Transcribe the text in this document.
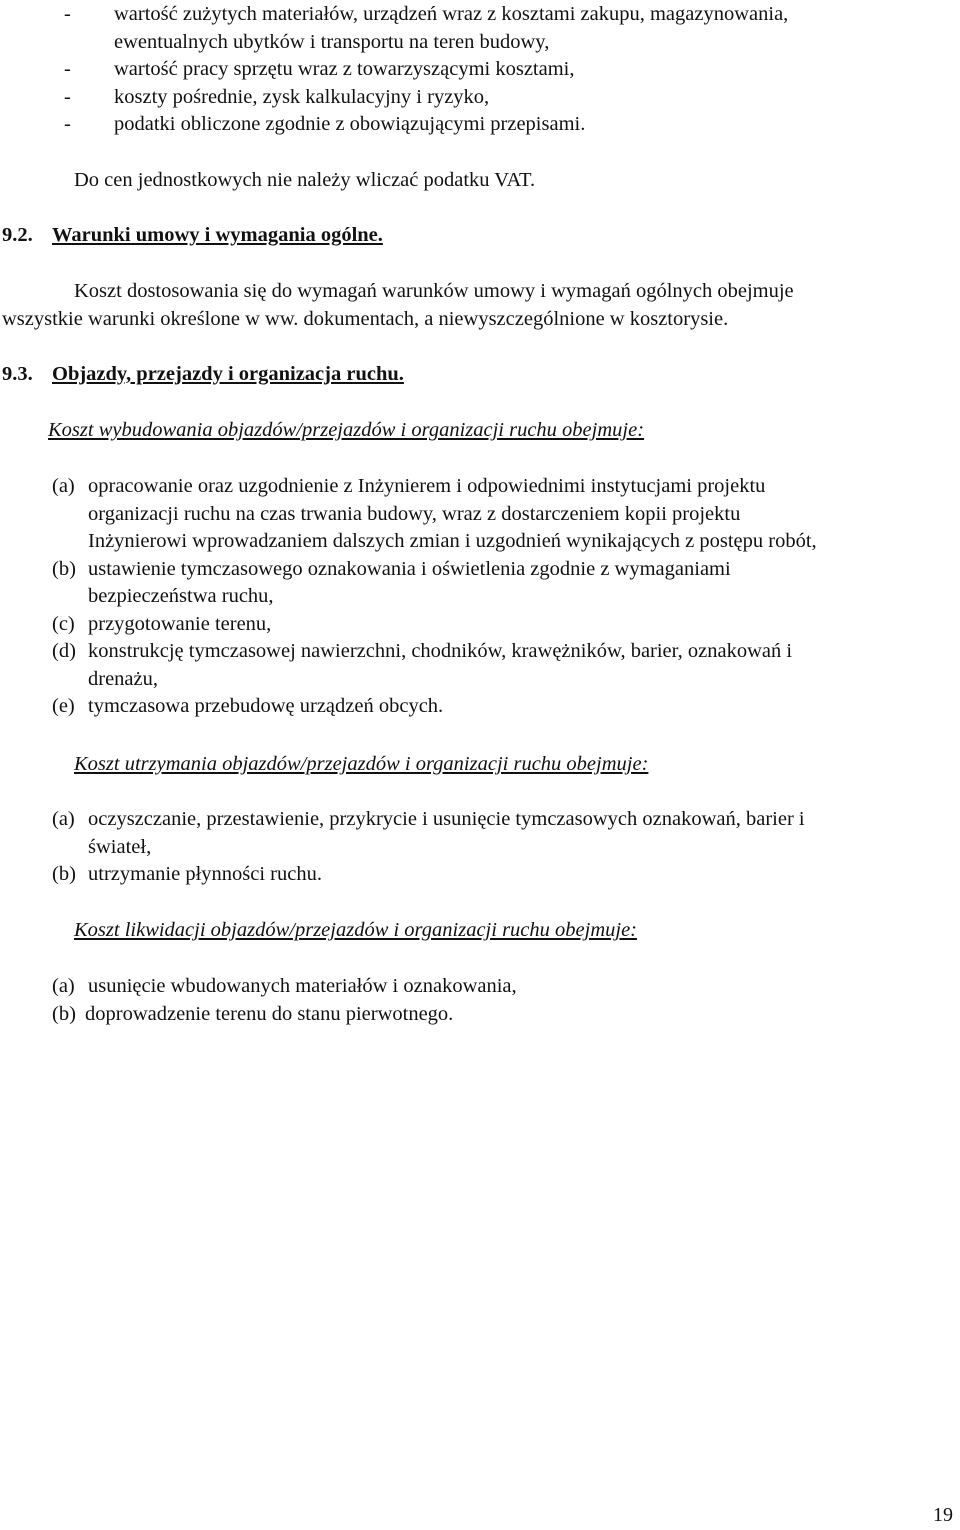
- wartość zużytych materiałów, urządzeń wraz z kosztami zakupu, magazynowania,
ewentualnych ubytków i transportu na teren budowy,
- wartość pracy sprzętu wraz z towarzyszącymi kosztami,
- koszty pośrednie, zysk kalkulacyjny i ryzyko,
- podatki obliczone zgodnie z obowiązującymi przepisami.

Do cen jednostkowych nie należy wliczać podatku VAT.

9.2. Warunki umowy i wymagania ogólne.

Koszt dostosowania się do wymagań warunków umowy i wymagań ogólnych obejmuje

wszystkie warunki określone w ww. dokumentach, a niewyszczególnione w kosztorysie.

9.3. Objazdy, przejazdy i organizacja ruchu.

Koszt wybudowania objazdów/przejazdów i organizacji ruchu obejmuje:

(a) opracowanie oraz uzgodnienie z Inżynierem i odpowiednimi instytucjami projektu
organizacji ruchu na czas trwania budowy, wraz z dostarczeniem kopii projektu
Inżynierowi wprowadzaniem dalszych zmian i uzgodnień wynikających z postępu robót,
(b) ustawienie tymczasowego oznakowania i oświetlenia zgodnie z wymaganiami
bezpieczeństwa ruchu,
(c) przygotowanie terenu,
(d) konstrukcję tymczasowej nawierzchni, chodników, krawężników, barier, oznakowań i
drenażu,
(e) tymczasowa przebudowę urządzeń obcych.

Koszt utrzymania objazdów/przejazdów i organizacji ruchu obejmuje:

(a) oczyszczanie, przestawienie, przykrycie i usunięcie tymczasowych oznakowań, barier i
świateł,
(b) utrzymanie płynności ruchu.

Koszt likwidacji objazdów/przejazdów i organizacji ruchu obejmuje:

(a) usunięcie wbudowanych materiałów i oznakowania,
(b) doprowadzenie terenu do stanu pierwotnego.

19
